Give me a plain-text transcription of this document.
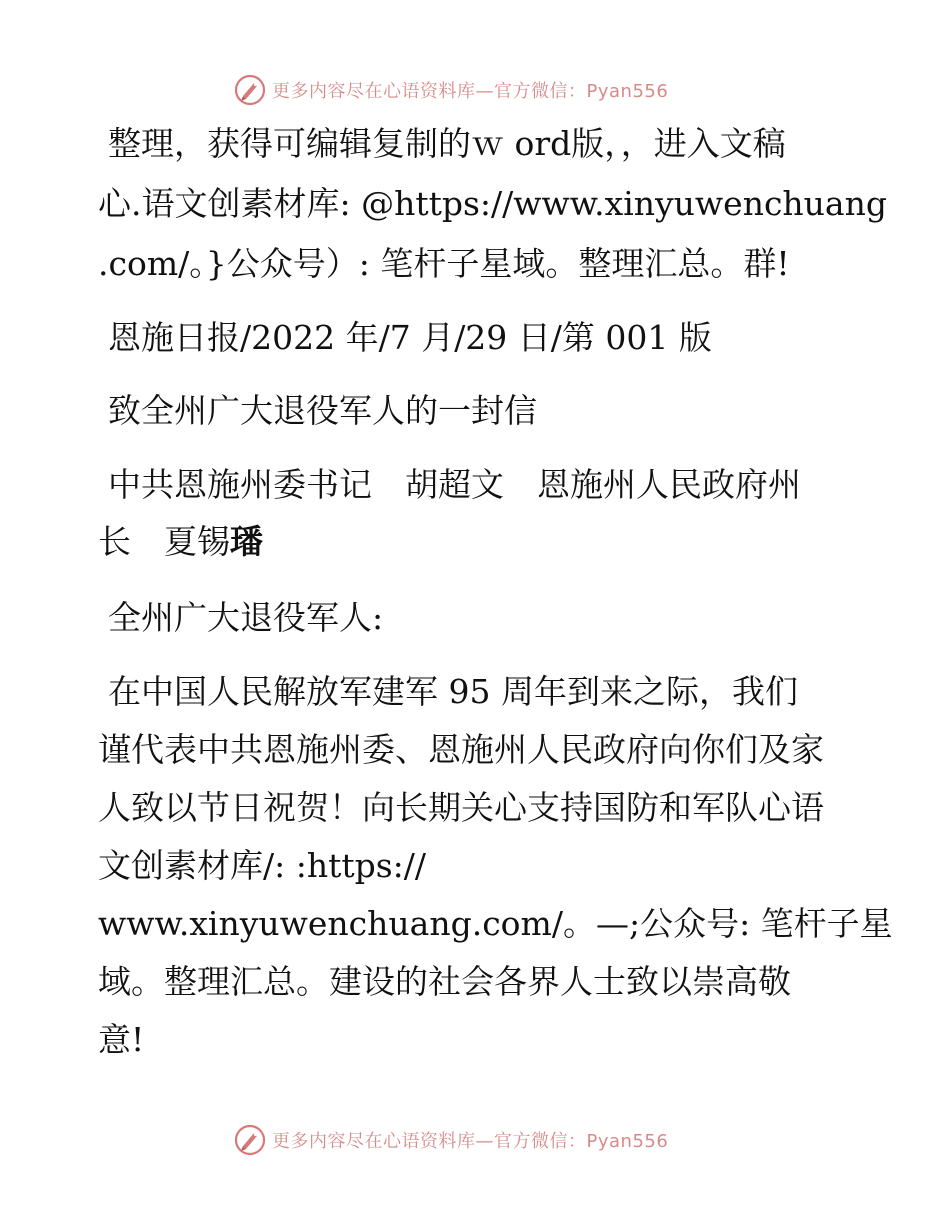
更多内容尽在心语资料库—官方微信：Pyan556
整理，获得可编辑复制的ｗ ord版，，进入文稿
心.语文创素材库: @https://www.xinyuwenchuang
.com/。}公众号）: 笔杆子星域。整理汇总。群!
恩施日报/2022 年/7 月/29 日/第 001 版
致全州广大退役军人的一封信
中共恩施州委书记　胡超文　恩施州人民政府州
长　夏锡璠
全州广大退役军人:
在中国人民解放军建军 95 周年到来之际，我们
谨代表中共恩施州委、恩施州人民政府向你们及家
人致以节日祝贺！向长期关心支持国防和军队心语
文创素材库/: :https://
www.xinyuwenchuang.com/。—;公众号: 笔杆子星
域。整理汇总。建设的社会各界人士致以崇高敬
意!
更多内容尽在心语资料库—官方微信：Pyan556
